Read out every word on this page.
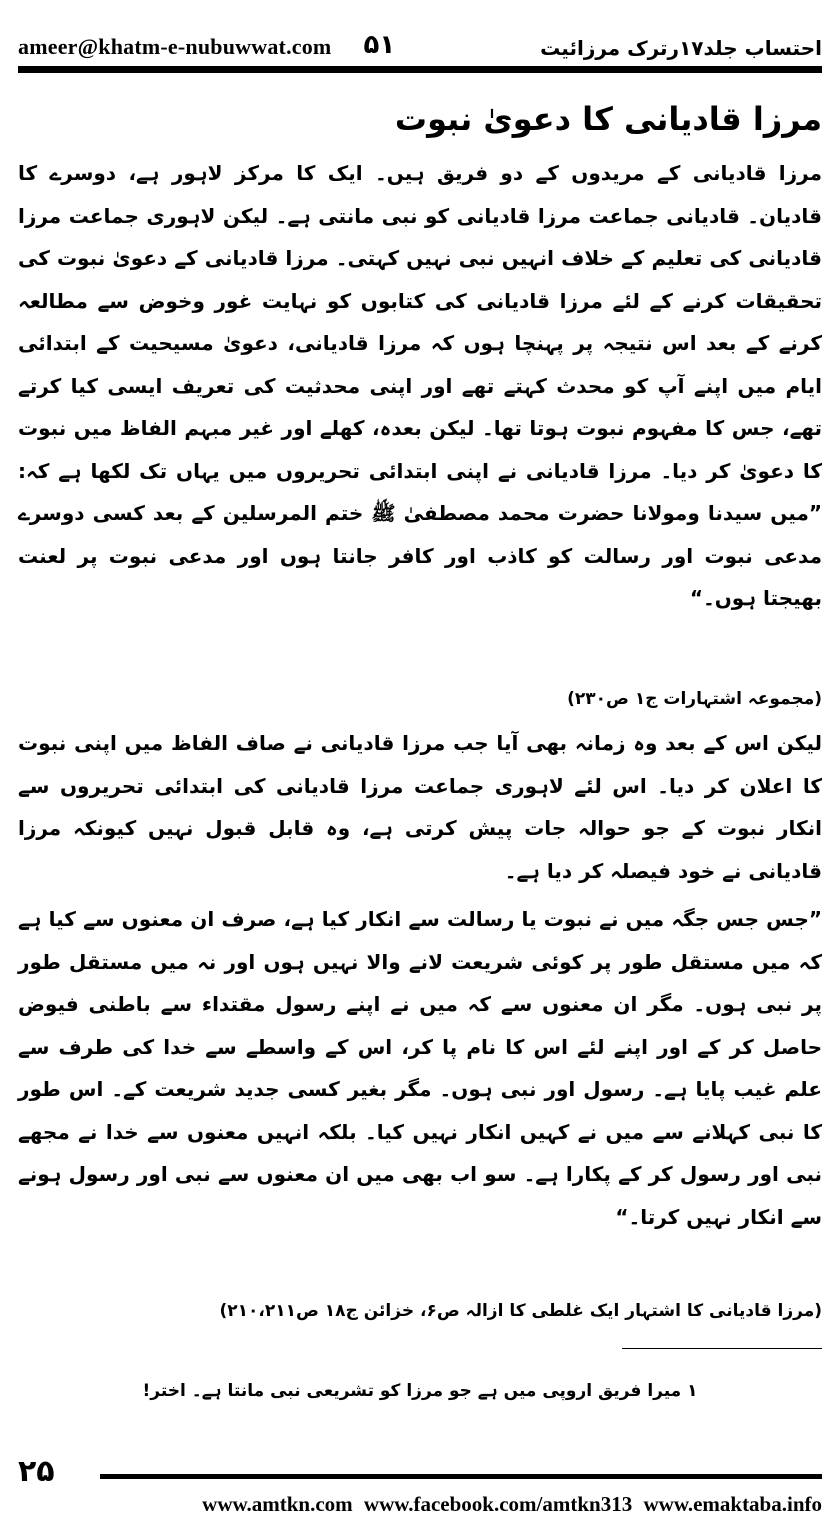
ameer@khatm-e-nubuwwat.com ۵۱	احتساب جلد۱۷رترک مرزائیت
مرزا قادیانی کا دعویٰ نبوت
مرزا قادیانی کے مریدوں کے دو فریق ہیں۔ ایک کا مرکز لاہور ہے، دوسرے کا قادیان۔ قادیانی جماعت مرزا قادیانی کو نبی مانتی ہے۔ لیکن لاہوری جماعت مرزا قادیانی کی تعلیم کے خلاف انہیں نبی نہیں کہتی۔ مرزا قادیانی کے دعویٰ نبوت کی تحقیقات کرنے کے لئے مرزا قادیانی کی کتابوں کو نہایت غور وخوض سے مطالعہ کرنے کے بعد اس نتیجہ پر پہنچا ہوں کہ مرزا قادیانی، دعویٰ مسیحیت کے ابتدائی ایام میں اپنے آپ کو محدث کہتے تھے اور اپنی محدثیت کی تعریف ایسی کیا کرتے تھے، جس کا مفہوم نبوت ہوتا تھا۔ لیکن بعدہ، کھلے اور غیر مبہم الفاظ میں نبوت کا دعویٰ کر دیا۔ مرزا قادیانی نے اپنی ابتدائی تحریروں میں یہاں تک لکھا ہے کہ: ”میں سیدنا ومولانا حضرت محمد مصطفیٰ ﷺ ختم المرسلین کے بعد کسی دوسرے مدعی نبوت اور رسالت کو کاذب اور کافر جانتا ہوں اور مدعی نبوت پر لعنت بھیجتا ہوں۔“
(مجموعہ اشتہارات ج۱ ص۲۳۰)
لیکن اس کے بعد وہ زمانہ بھی آیا جب مرزا قادیانی نے صاف الفاظ میں اپنی نبوت کا اعلان کر دیا۔ اس لئے لاہوری جماعت مرزا قادیانی کی ابتدائی تحریروں سے انکار نبوت کے جو حوالہ جات پیش کرتی ہے، وہ قابل قبول نہیں کیونکہ مرزا قادیانی نے خود فیصلہ کر دیا ہے۔
”جس جس جگہ میں نے نبوت یا رسالت سے انکار کیا ہے، صرف ان معنوں سے کیا ہے کہ میں مستقل طور پر کوئی شریعت لانے والا نہیں ہوں اور نہ میں مستقل طور پر نبی ہوں۔ مگر ان معنوں سے کہ میں نے اپنے رسول مقتداء سے باطنی فیوض حاصل کر کے اور اپنے لئے اس کا نام پا کر، اس کے واسطے سے خدا کی طرف سے علم غیب پایا ہے۔ رسول اور نبی ہوں۔ مگر بغیر کسی جدید شریعت کے۔ اس طور کا نبی کہلانے سے میں نے کہیں انکار نہیں کیا۔ بلکہ انہیں معنوں سے خدا نے مجھے نبی اور رسول کر کے پکارا ہے۔ سو اب بھی میں ان معنوں سے نبی اور رسول ہونے سے انکار نہیں کرتا۔“
(مرزا قادیانی کا اشتہار ایک غلطی کا ازالہ ص۶، خزائن ج۱۸ ص۲۱۰،۲۱۱)
۱ میرا فریق اروپی میں ہے جو مرزا کو تشریعی نبی مانتا ہے۔ اختر!
۲۵
www.amtkn.com www.facebook.com/amtkn313 www.emaktaba.info
